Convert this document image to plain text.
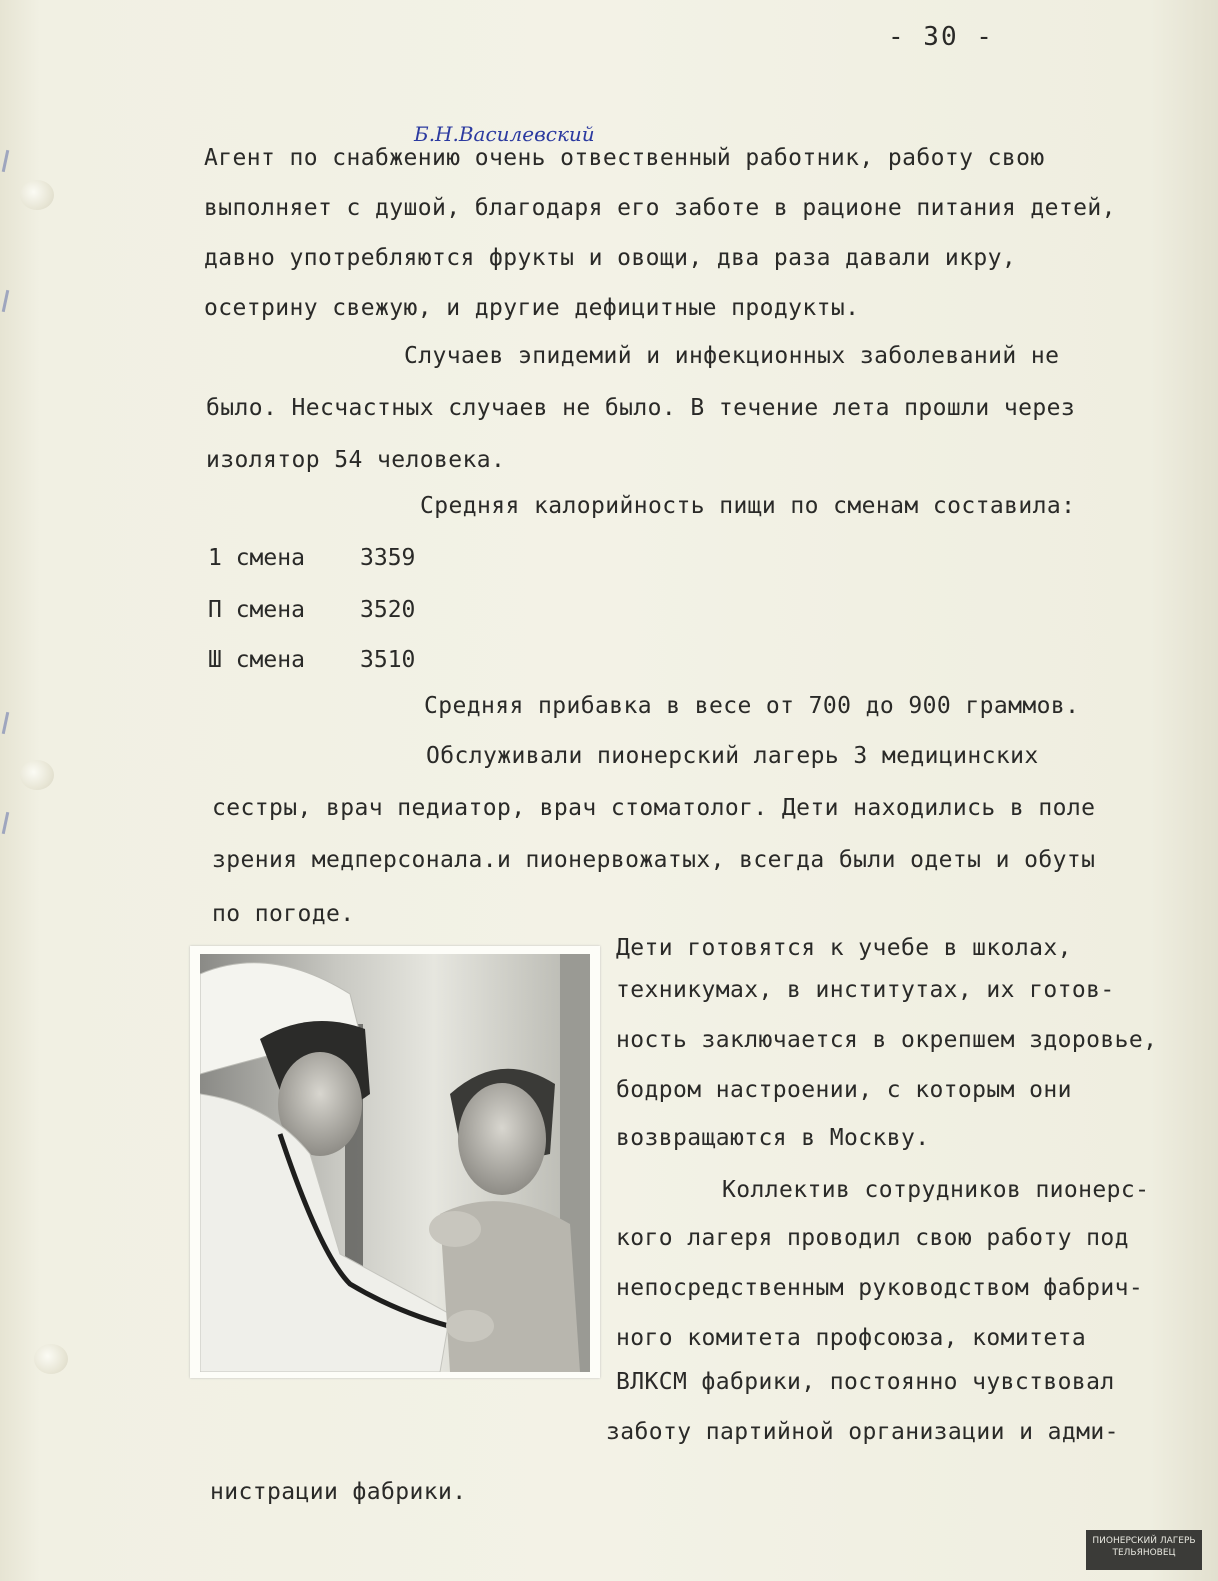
- 30 -
Б.Н.Василевский
Агент по снабжению очень отвественный работник, работу свою
выполняет с душой, благодаря его заботе в рационе питания детей,
давно употребляются фрукты и овощи, два раза давали икру,
осетрину свежую, и другие дефицитные продукты.
Случаев эпидемий и инфекционных заболеваний не
было. Несчастных случаев не было. В течение лета прошли через
изолятор 54 человека.
Средняя калорийность пищи по сменам составила:
1 смена 3359
П смена 3520
Ш смена 3510
Средняя прибавка в весе от 700 до 900 граммов.
Обслуживали пионерский лагерь 3 медицинских
сестры, врач педиатор, врач стоматолог. Дети находились в поле
зрения медперсонала.и пионервожатых, всегда были одеты и обуты
по погоде.
Дети готовятся к учебе в школах,
техникумах, в институтах, их готов-
ность заключается в окрепшем здоровье,
бодром настроении, с которым они
возвращаются в Москву.
Коллектив сотрудников пионерс-
кого лагеря проводил свою работу под
непосредственным руководством фабрич-
ного комитета профсоюза, комитета
ВЛКСМ фабрики, постоянно чувствовал
заботу партийной организации и адми-
нистрации фабрики.
ПИОНЕРСКИЙ ЛАГЕРЬ
ТЕЛЬЯНОВЕЦ
